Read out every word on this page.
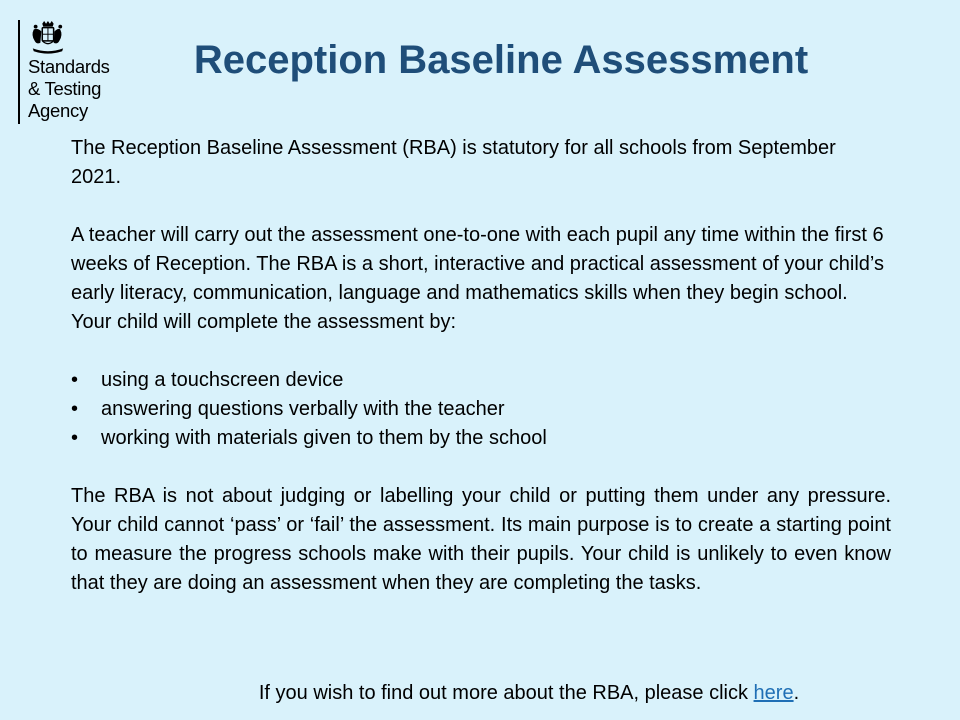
Standards
& Testing
Agency
Reception Baseline Assessment

The Reception Baseline Assessment (RBA) is statutory for all schools from September 2021.

A teacher will carry out the assessment one-to-one with each pupil any time within the first 6 weeks of Reception. The RBA is a short, interactive and practical assessment of your child’s early literacy, communication, language and mathematics skills when they begin school.

Your child will complete the assessment by:

• using a touchscreen device
• answering questions verbally with the teacher
• working with materials given to them by the school

The RBA is not about judging or labelling your child or putting them under any pressure. Your child cannot ‘pass’ or ‘fail’ the assessment. Its main purpose is to create a starting point to measure the progress schools make with their pupils. Your child is unlikely to even know that they are doing an assessment when they are completing the tasks.

If you wish to find out more about the RBA, please click here.
